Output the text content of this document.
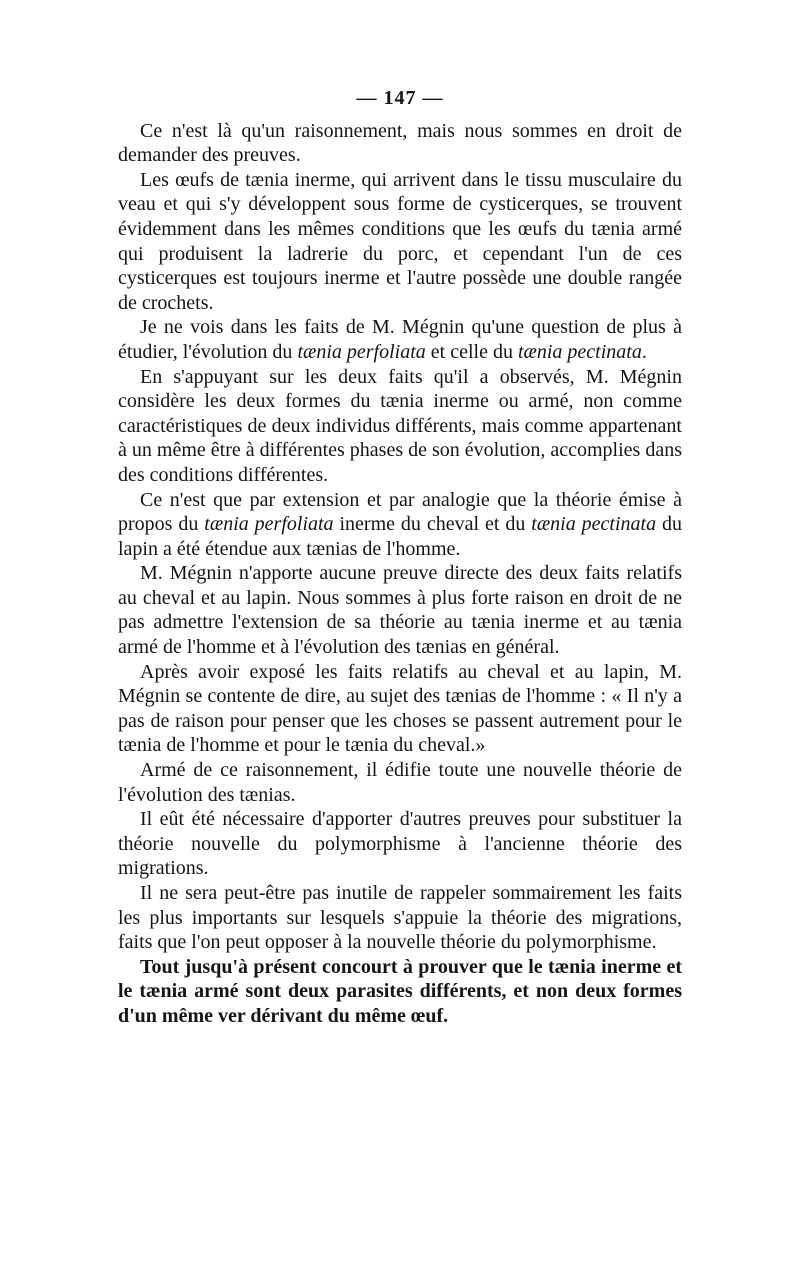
— 147 —

Ce n'est là qu'un raisonnement, mais nous sommes en droit de demander des preuves.

Les œufs de tænia inerme, qui arrivent dans le tissu musculaire du veau et qui s'y développent sous forme de cysticerques, se trouvent évidemment dans les mêmes conditions que les œufs du tænia armé qui produisent la ladrerie du porc, et cependant l'un de ces cysticerques est toujours inerme et l'autre possède une double rangée de crochets.

Je ne vois dans les faits de M. Mégnin qu'une question de plus à étudier, l'évolution du tænia perfoliata et celle du tænia pectinata.

En s'appuyant sur les deux faits qu'il a observés, M. Mégnin considère les deux formes du tænia inerme ou armé, non comme caractéristiques de deux individus différents, mais comme appartenant à un même être à différentes phases de son évolution, accomplies dans des conditions différentes.

Ce n'est que par extension et par analogie que la théorie émise à propos du tænia perfoliata inerme du cheval et du tænia pectinata du lapin a été étendue aux tænias de l'homme.

M. Mégnin n'apporte aucune preuve directe des deux faits relatifs au cheval et au lapin. Nous sommes à plus forte raison en droit de ne pas admettre l'extension de sa théorie au tænia inerme et au tænia armé de l'homme et à l'évolution des tænias en général.

Après avoir exposé les faits relatifs au cheval et au lapin, M. Mégnin se contente de dire, au sujet des tænias de l'homme : « Il n'y a pas de raison pour penser que les choses se passent autrement pour le tænia de l'homme et pour le tænia du cheval.»

Armé de ce raisonnement, il édifie toute une nouvelle théorie de l'évolution des tænias.

Il eût été nécessaire d'apporter d'autres preuves pour substituer la théorie nouvelle du polymorphisme à l'ancienne théorie des migrations.

Il ne sera peut-être pas inutile de rappeler sommairement les faits les plus importants sur lesquels s'appuie la théorie des migrations, faits que l'on peut opposer à la nouvelle théorie du polymorphisme.

Tout jusqu'à présent concourt à prouver que le tænia inerme et le tænia armé sont deux parasites différents, et non deux formes d'un même ver dérivant du même œuf.
